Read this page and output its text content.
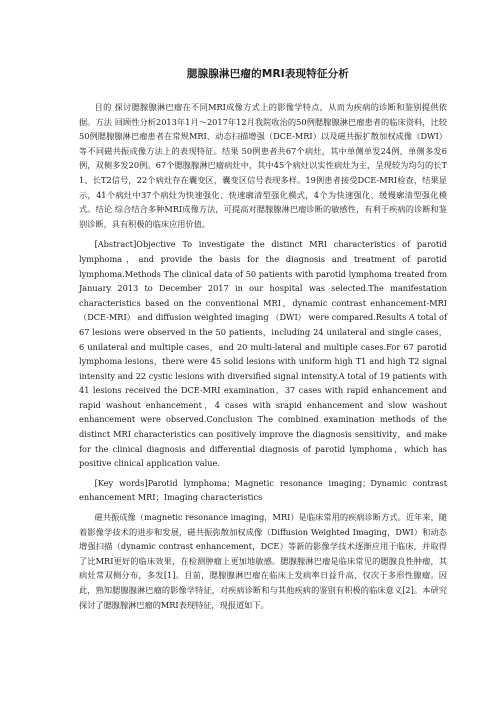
腮腺腺淋巴瘤的MRI表现特征分析

目的 探讨腮腺腺淋巴瘤在不同MRI成像方式上的影像学特点，从而为疾病的诊断和鉴别提供依据。方法 回顾性分析2013年1月～2017年12月我院收治的50例腮腺腺淋巴瘤患者的临床资料，比较50例腮腺腺淋巴瘤患者在常规MRI、动态扫描增强（DCE-MRI）以及磁共振扩散加权成像（DWI）等不同磁共振成像方法上的表现特征。结果 50例患者共67个病灶，其中单侧单发24例，单侧多发6例，双侧多发20例。67个腮腺腺淋巴瘤病灶中，其中45个病灶以实性病灶为主，呈现较为均匀的长T1、长T2信号，22个病灶存在囊变区，囊变区信号表现多样。19例患者接受DCE-MRI检查，结果显示，41个病灶中37个病灶为快速强化、快速廓清型强化模式，4个为快速强化、缓慢廓清型强化模式。结论 综合结合多种MRI成像方法，可提高对腮腺腺淋巴瘤诊断的敏感性，有利于疾病的诊断和鉴别诊断，具有积极的临床应用价值。

[Abstract]Objective To investigate the distinct MRI characteristics of parotid lymphoma，and provide the basis for the diagnosis and treatment of parotid lymphoma.Methods The clinical data of 50 patients with parotid lymphoma treated from January 2013 to December 2017 in our hospital was selected.The manifestation characteristics based on the conventional MRI，dynamic contrast enhancement-MRI（DCE-MRI） and diffusion weighted imaging （DWI） were compared.Results A total of 67 lesions were observed in the 50 patients，including 24 unilateral and single cases，6 unilateral and multiple cases，and 20 multi-lateral and multiple cases.For 67 parotid lymphoma lesions，there were 45 solid lesions with uniform high T1 and high T2 signal intensity and 22 cystic lesions with diversified signal intensity.A total of 19 patients with 41 lesions received the DCE-MRI examination，37 cases with rapid enhancement and rapid washout enhancement，4 cases with srapid enhancement and slow washout enhancement were observed.Conclusion The combined examination methods of the distinct MRI characteristics can positively improve the diagnosis sensitivity，and make for the clinical diagnosis and differential diagnosis of parotid lymphoma，which has positive clinical application value.

[Key words]Parotid lymphoma；Magnetic resonance imaging；Dynamic contrast enhancement MRI；Imaging characteristics

磁共振成像（magnetic resonance imaging，MRI）是临床常用的疾病诊断方式。近年来，随着影像学技术的进步和发展，磁共振弥散加权成像（Diffusion Weighted Imaging，DWI）和动态增强扫描（dynamic contrast enhancement，DCE）等新的影像学技术逐渐应用于临床，并取得了比MRI更好的临床效果，在检测肿瘤上更加地敏感。腮腺腺淋巴瘤是临床常见的腮腺良性肿瘤，其病灶常双侧分布，多发[1]。目前，腮腺腺淋巴瘤在临床上发病率日益升高，仅次于多形性腺瘤。因此，熟知腮腺腺淋巴瘤的影像学特征，对疾病诊断和与其他疾病的鉴别有积极的临床意义[2]。本研究探讨了腮腺腺淋巴瘤的MRI表现特征，现报道如下。
